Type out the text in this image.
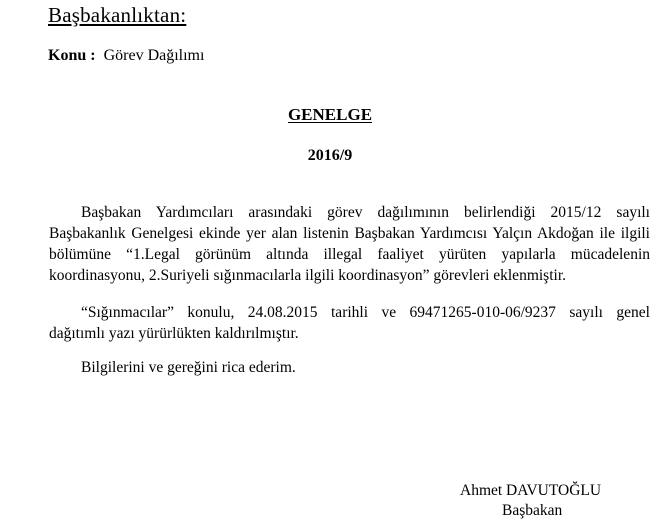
Başbakanlıktan:
Konu : Görev Dağılımı
GENELGE
2016/9
Başbakan Yardımcıları arasındaki görev dağılımının belirlendiği 2015/12 sayılı
Başbakanlık Genelgesi ekinde yer alan listenin Başbakan Yardımcısı Yalçın Akdoğan ile ilgili
bölümüne “1.Legal görünüm altında illegal faaliyet yürüten yapılarla mücadelenin
koordinasyonu, 2.Suriyeli sığınmacılarla ilgili koordinasyon” görevleri eklenmiştir.
“Sığınmacılar” konulu, 24.08.2015 tarihli ve 69471265-010-06/9237 sayılı genel
dağıtımlı yazı yürürlükten kaldırılmıştır.
Bilgilerini ve gereğini rica ederim.
Ahmet DAVUTOĞLU
Başbakan
